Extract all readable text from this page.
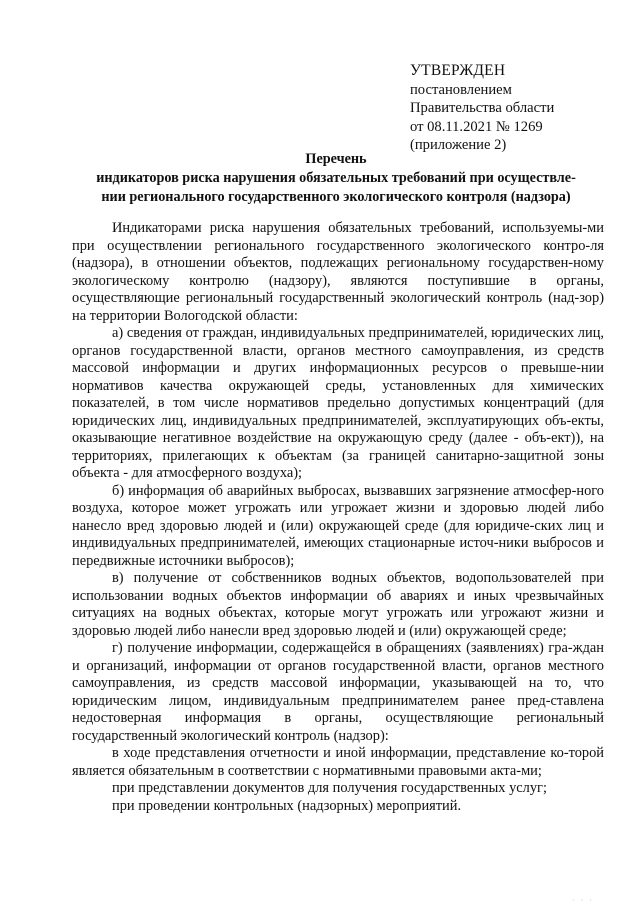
УТВЕРЖДЕН
постановлением
Правительства области
от 08.11.2021 № 1269
(приложение 2)
Перечень
индикаторов риска нарушения обязательных требований при осуществле-
нии регионального государственного экологического контроля (надзора)

Индикаторами риска нарушения обязательных требований, используемы-ми при осуществлении регионального государственного экологического контро-ля (надзора), в отношении объектов, подлежащих региональному государствен-ному экологическому контролю (надзору), являются поступившие в органы, осуществляющие региональный государственный экологический контроль (над-зор) на территории Вологодской области:

а) сведения от граждан, индивидуальных предпринимателей, юридических лиц, органов государственной власти, органов местного самоуправления, из средств массовой информации и других информационных ресурсов о превыше-нии нормативов качества окружающей среды, установленных для химических показателей, в том числе нормативов предельно допустимых концентраций (для юридических лиц, индивидуальных предпринимателей, эксплуатирующих объ-екты, оказывающие негативное воздействие на окружающую среду (далее - объ-ект)), на территориях, прилегающих к объектам (за границей санитарно-защитной зоны объекта - для атмосферного воздуха);

б) информация об аварийных выбросах, вызвавших загрязнение атмосфер-ного воздуха, которое может угрожать или угрожает жизни и здоровью людей либо нанесло вред здоровью людей и (или) окружающей среде (для юридиче-ских лиц и индивидуальных предпринимателей, имеющих стационарные источ-ники выбросов и передвижные источники выбросов);

в) получение от собственников водных объектов, водопользователей при использовании водных объектов информации об авариях и иных чрезвычайных ситуациях на водных объектах, которые могут угрожать или угрожают жизни и здоровью людей либо нанесли вред здоровью людей и (или) окружающей среде;

г) получение информации, содержащейся в обращениях (заявлениях) гра-ждан и организаций, информации от органов государственной власти, органов местного самоуправления, из средств массовой информации, указывающей на то, что юридическим лицом, индивидуальным предпринимателем ранее пред-ставлена недостоверная информация в органы, осуществляющие региональный государственный экологический контроль (надзор):

в ходе представления отчетности и иной информации, представление ко-торой является обязательным в соответствии с нормативными правовыми акта-ми;

при представлении документов для получения государственных услуг;

при проведении контрольных (надзорных) мероприятий.

· · ·
